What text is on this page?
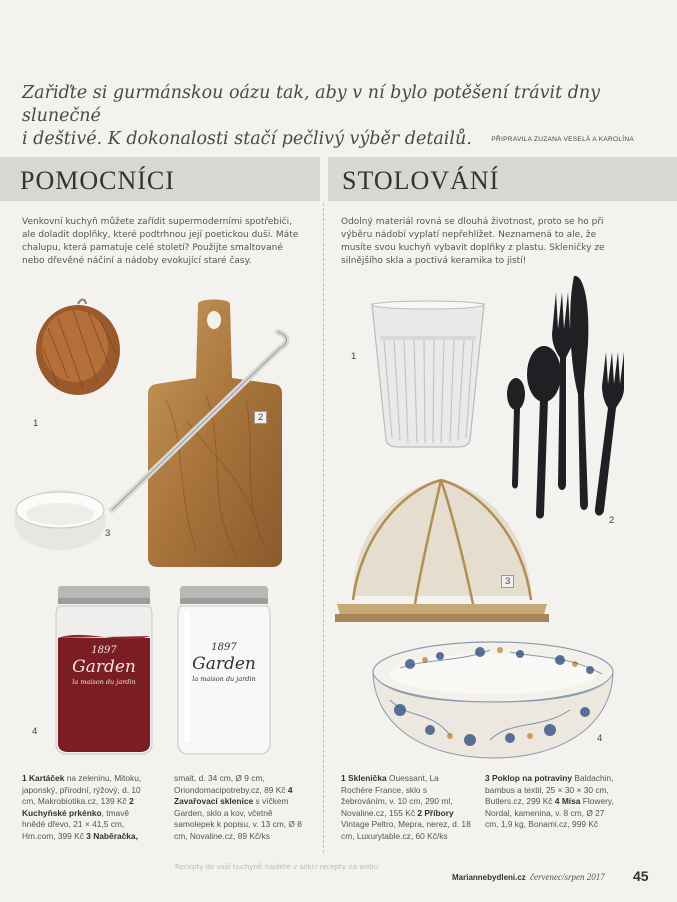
Zařiďte si gurmánskou oázu tak, aby v ní bylo potěšení trávit dny slunečné
i deštivé. K dokonalosti stačí pečlivý výběr detailů.	PŘIPRAVILA ZUZANA VESELÁ A KAROLÍNA
POMOCNÍCI	STOLOVÁNÍ
Venkovní kuchyň můžete zařídit supermoderními spotřebiči, ale doladit doplňky, které podtrhnou její poetickou duši. Máte chalupu, která pamatuje celé století? Použijte smaltované nebo dřevěné náčiní a nádoby evokující staré časy.
Odolný materiál rovná se dlouhá životnost, proto se ho při výběru nádobí vyplatí nepřehlížet. Neznamená to ale, že musíte svou kuchyň vybavit doplňky z plastu. Skleničky ze silnějšího skla a poctivá keramika to jistí!
1
2
3
1897
Garden
la maison du jardin
1897
Garden
la maison du jardin
4
1
2
3
4
1 Kartáček na zeleninu, Mitoku, japonský, přírodní, rýžový, d. 10 cm, Makrobiotika.cz, 139 Kč 2 Kuchyňské prkénko, tmavě hnědé dřevo, 21 × 41,5 cm, Hm.com, 399 Kč 3 Naběračka,
smalt, d. 34 cm, Ø 9 cm, Oriondomacipotreby.cz, 89 Kč 4 Zavařovací sklenice s víčkem Garden, sklo a kov, včetně samolepek k popisu, v. 13 cm, Ø 8 cm, Novaline.cz, 89 Kč/ks
1 Sklenička Ouessant, La Rochère France, sklo s žebrováním, v. 10 cm, 290 ml, Novaline.cz, 155 Kč 2 Příbory Vintage Peltro, Mepra, nerez, d. 18 cm, Luxurytable.cz, 60 Kč/ks
3 Poklop na potraviny Baldachin, bambus a textil, 25 × 30 × 30 cm, Butlers.cz, 299 Kč 4 Mísa Flowery, Nordal, kamenina, v. 8 cm, Ø 27 cm, 1,9 kg, Bonami.cz, 999 Kč
Recepty do vaší kuchyně najdete v sekci recepty na webu
Mariannebydleni.cz červenec/srpen 2017 45
